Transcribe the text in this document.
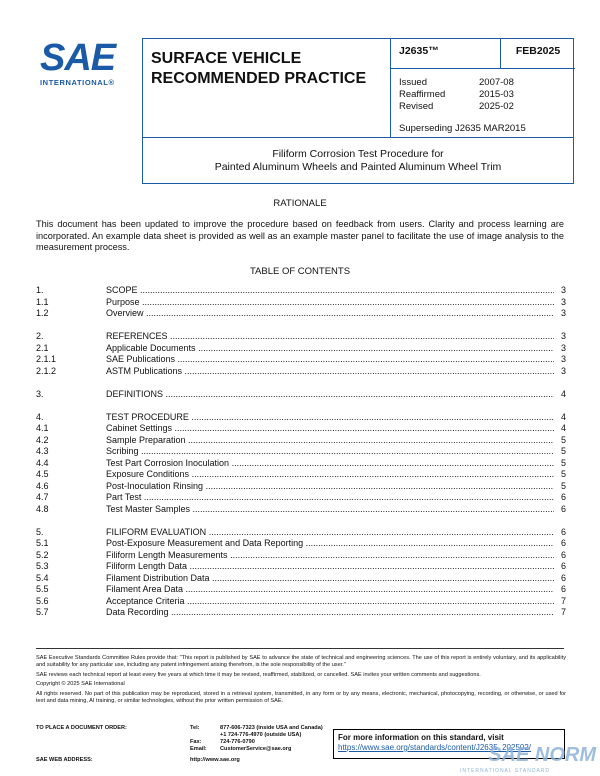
SAE
INTERNATIONAL®
SURFACE VEHICLE
RECOMMENDED PRACTICE
J2635™	FEB2025
Issued	2007-08
Reaffirmed	2015-03
Revised	2025-02
Superseding J2635 MAR2015
Filiform Corrosion Test Procedure for
Painted Aluminum Wheels and Painted Aluminum Wheel Trim
RATIONALE
This document has been updated to improve the procedure based on feedback from users. Clarity and process learning are incorporated. An example data sheet is provided as well as an example master panel to facilitate the use of image analysis to the measurement process.
TABLE OF CONTENTS
1.	SCOPE .....	3
1.1	Purpose .....	3
1.2	Overview .....	3
2.	REFERENCES .....	3
2.1	Applicable Documents .....	3
2.1.1	SAE Publications .....	3
2.1.2	ASTM Publications .....	3
3.	DEFINITIONS .....	4
4.	TEST PROCEDURE .....	4
4.1	Cabinet Settings .....	4
4.2	Sample Preparation .....	5
4.3	Scribing .....	5
4.4	Test Part Corrosion Inoculation .....	5
4.5	Exposure Conditions .....	5
4.6	Post-Inoculation Rinsing .....	5
4.7	Part Test .....	6
4.8	Test Master Samples .....	6
5.	FILIFORM EVALUATION .....	6
5.1	Post-Exposure Measurement and Data Reporting .....	6
5.2	Filiform Length Measurements .....	6
5.3	Filiform Length Data .....	6
5.4	Filament Distribution Data .....	6
5.5	Filament Area Data .....	6
5.6	Acceptance Criteria .....	7
5.7	Data Recording .....	7

SAE Executive Standards Committee Rules provide that: “This report is published by SAE to advance the state of technical and engineering sciences. The use of this report is entirely voluntary, and its applicability and suitability for any particular use, including any patent infringement arising therefrom, is the sole responsibility of the user.”

SAE reviews each technical report at least every five years at which time it may be revised, reaffirmed, stabilized, or cancelled. SAE invites your written comments and suggestions.

Copyright © 2025 SAE International

All rights reserved. No part of this publication may be reproduced, stored in a retrieval system, transmitted, in any form or by any means, electronic, mechanical, photocopying, recording, or otherwise, or used for text and data mining, AI training, or similar technologies, without the prior written permission of SAE.

TO PLACE A DOCUMENT ORDER:	Tel:	877-606-7323 (inside USA and Canada)
+1 724-776-4970 (outside USA)
Fax:	724-776-0790
Email:	CustomerService@sae.org
SAE WEB ADDRESS:	http://www.sae.org
For more information on this standard, visit
https://www.sae.org/standards/content/J2635_202502/
SAE NORM
INTERNATIONAL STANDARD
